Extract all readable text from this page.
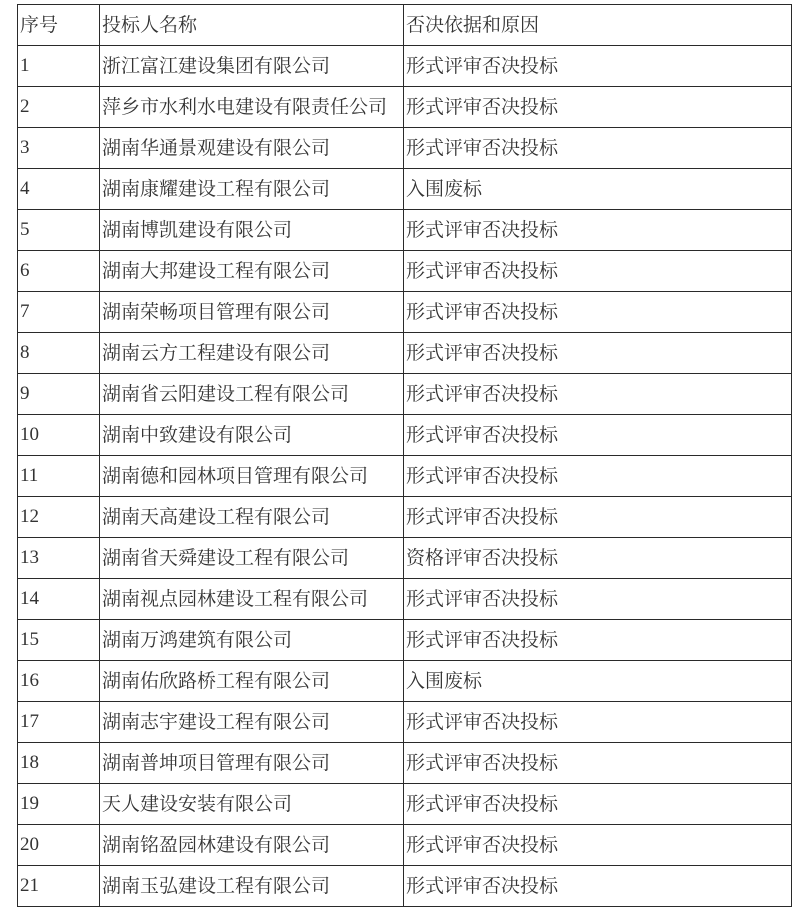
序号	投标人名称	否决依据和原因
1	浙江富江建设集团有限公司	形式评审否决投标
2	萍乡市水利水电建设有限责任公司	形式评审否决投标
3	湖南华通景观建设有限公司	形式评审否决投标
4	湖南康耀建设工程有限公司	入围废标
5	湖南博凯建设有限公司	形式评审否决投标
6	湖南大邦建设工程有限公司	形式评审否决投标
7	湖南荣畅项目管理有限公司	形式评审否决投标
8	湖南云方工程建设有限公司	形式评审否决投标
9	湖南省云阳建设工程有限公司	形式评审否决投标
10	湖南中致建设有限公司	形式评审否决投标
11	湖南德和园林项目管理有限公司	形式评审否决投标
12	湖南天高建设工程有限公司	形式评审否决投标
13	湖南省天舜建设工程有限公司	资格评审否决投标
14	湖南视点园林建设工程有限公司	形式评审否决投标
15	湖南万鸿建筑有限公司	形式评审否决投标
16	湖南佑欣路桥工程有限公司	入围废标
17	湖南志宇建设工程有限公司	形式评审否决投标
18	湖南普坤项目管理有限公司	形式评审否决投标
19	天人建设安装有限公司	形式评审否决投标
20	湖南铭盈园林建设有限公司	形式评审否决投标
21	湖南玉弘建设工程有限公司	形式评审否决投标
